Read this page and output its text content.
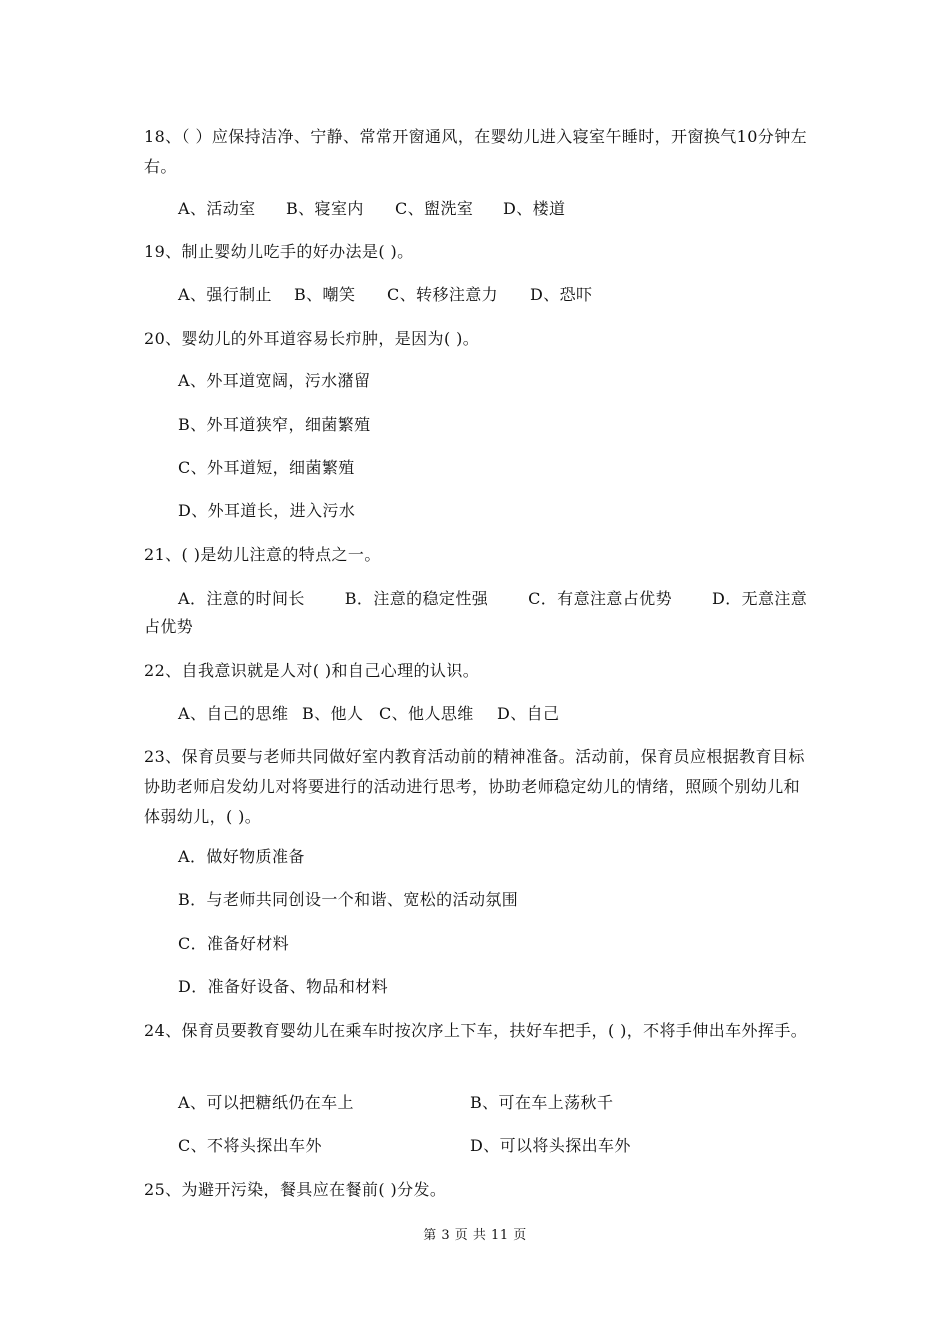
18、（ ）应保持洁净、宁静、常常开窗通风，在婴幼儿进入寝室午睡时，开窗换气10分钟左右。
A、活动室 B、寝室内 C、盥洗室 D、楼道
19、制止婴幼儿吃手的好办法是( )。
A、强行制止 B、嘲笑 C、转移注意力 D、恐吓
20、婴幼儿的外耳道容易长疖肿，是因为( )。
A、外耳道宽阔，污水潴留
B、外耳道狭窄，细菌繁殖
C、外耳道短，细菌繁殖
D、外耳道长，进入污水
21、( )是幼儿注意的特点之一。
A．注意的时间长	B．注意的稳定性强	C．有意注意占优势	D．无意注意占优势
22、自我意识就是人对( )和自己心理的认识。
A、自己的思维 B、他人 C、他人思维 D、自己
23、保育员要与老师共同做好室内教育活动前的精神准备。活动前，保育员应根据教育目标协助老师启发幼儿对将要进行的活动进行思考，协助老师稳定幼儿的情绪，照顾个别幼儿和体弱幼儿，( )。
A．做好物质准备
B．与老师共同创设一个和谐、宽松的活动氛围
C．准备好材料
D．准备好设备、物品和材料
24、保育员要教育婴幼儿在乘车时按次序上下车，扶好车把手，( )，不将手伸出车外挥手。
A、可以把糖纸仍在车上	B、可在车上荡秋千
C、不将头探出车外	D、可以将头探出车外
25、为避开污染，餐具应在餐前( )分发。
第 3 页 共 11 页
